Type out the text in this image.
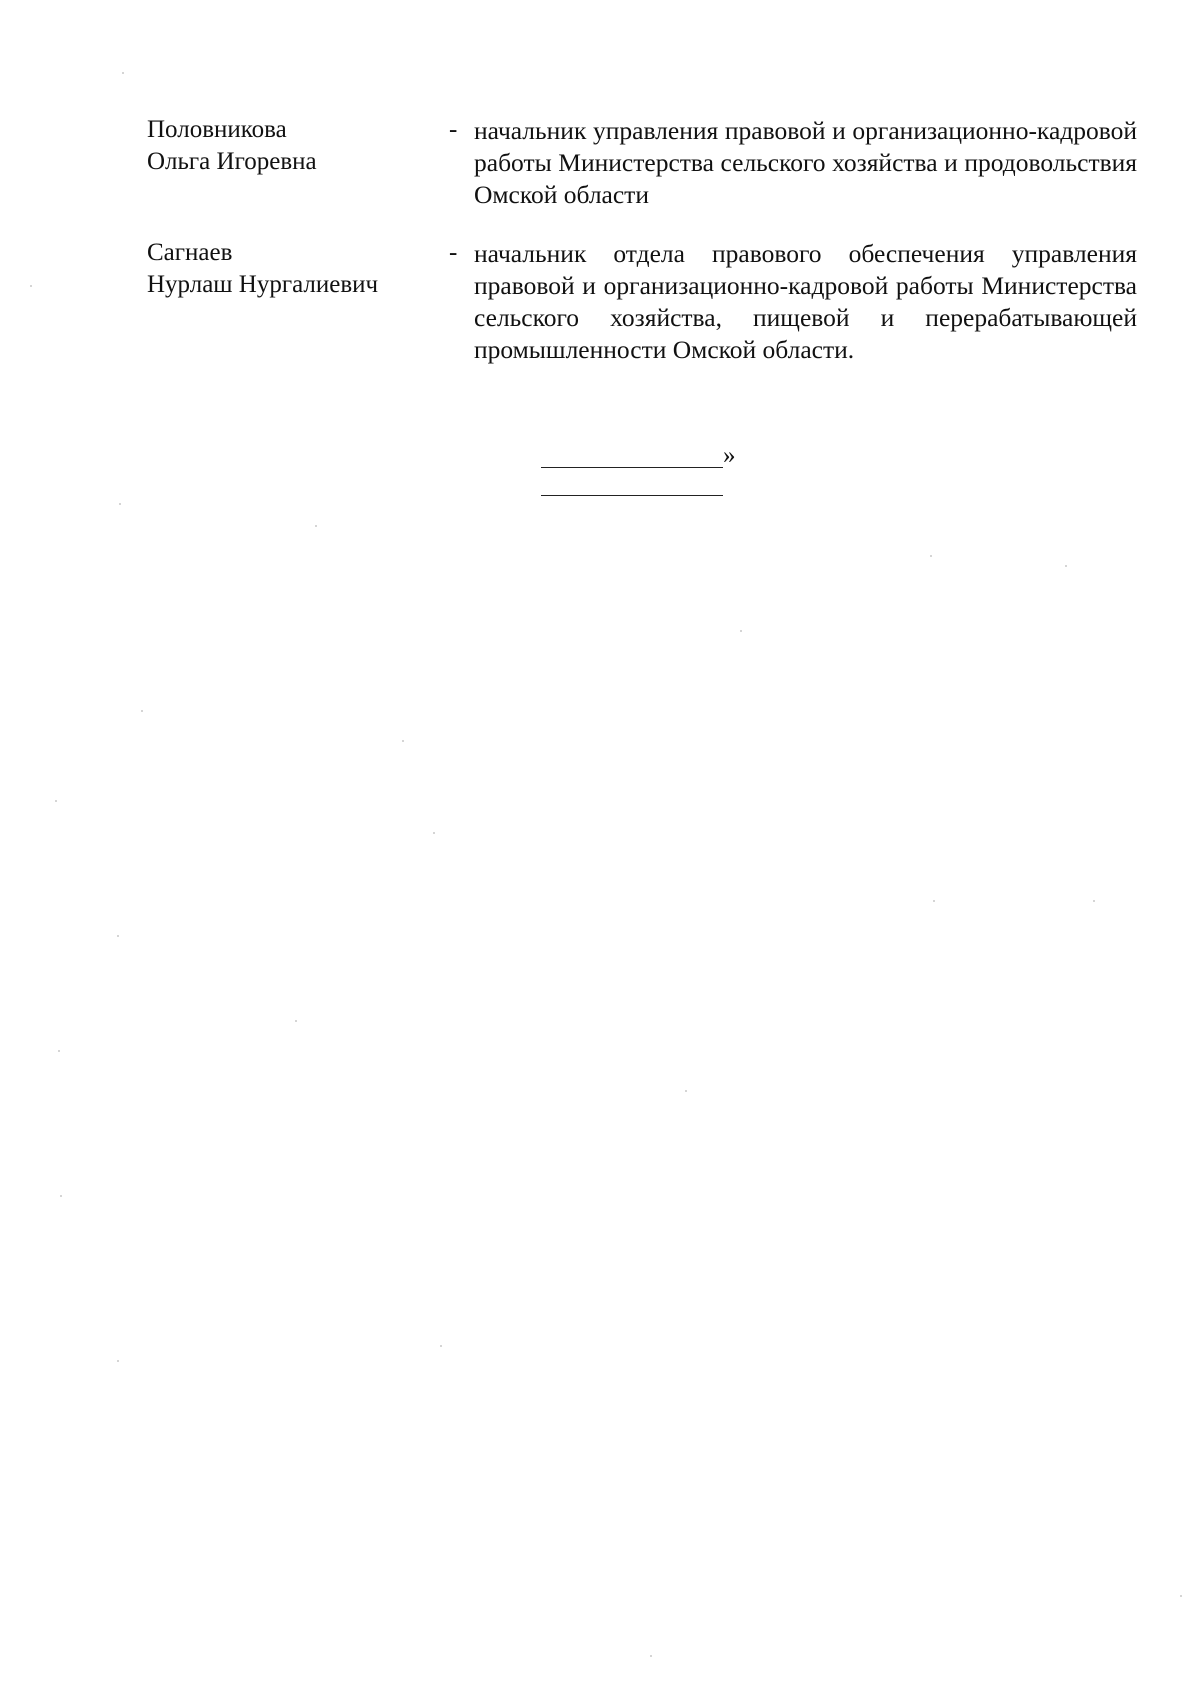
Половникова
Ольга Игоревна
- начальник управления правовой и организационно-кадровой работы Министерства сельского хозяйства и продовольствия Омской области
Сагнаев
Нурлаш Нургалиевич
- начальник отдела правового обеспечения управления правовой и организационно-кадровой работы Министерства сельского хозяйства, пищевой и перерабатывающей промышленности Омской области.
»
